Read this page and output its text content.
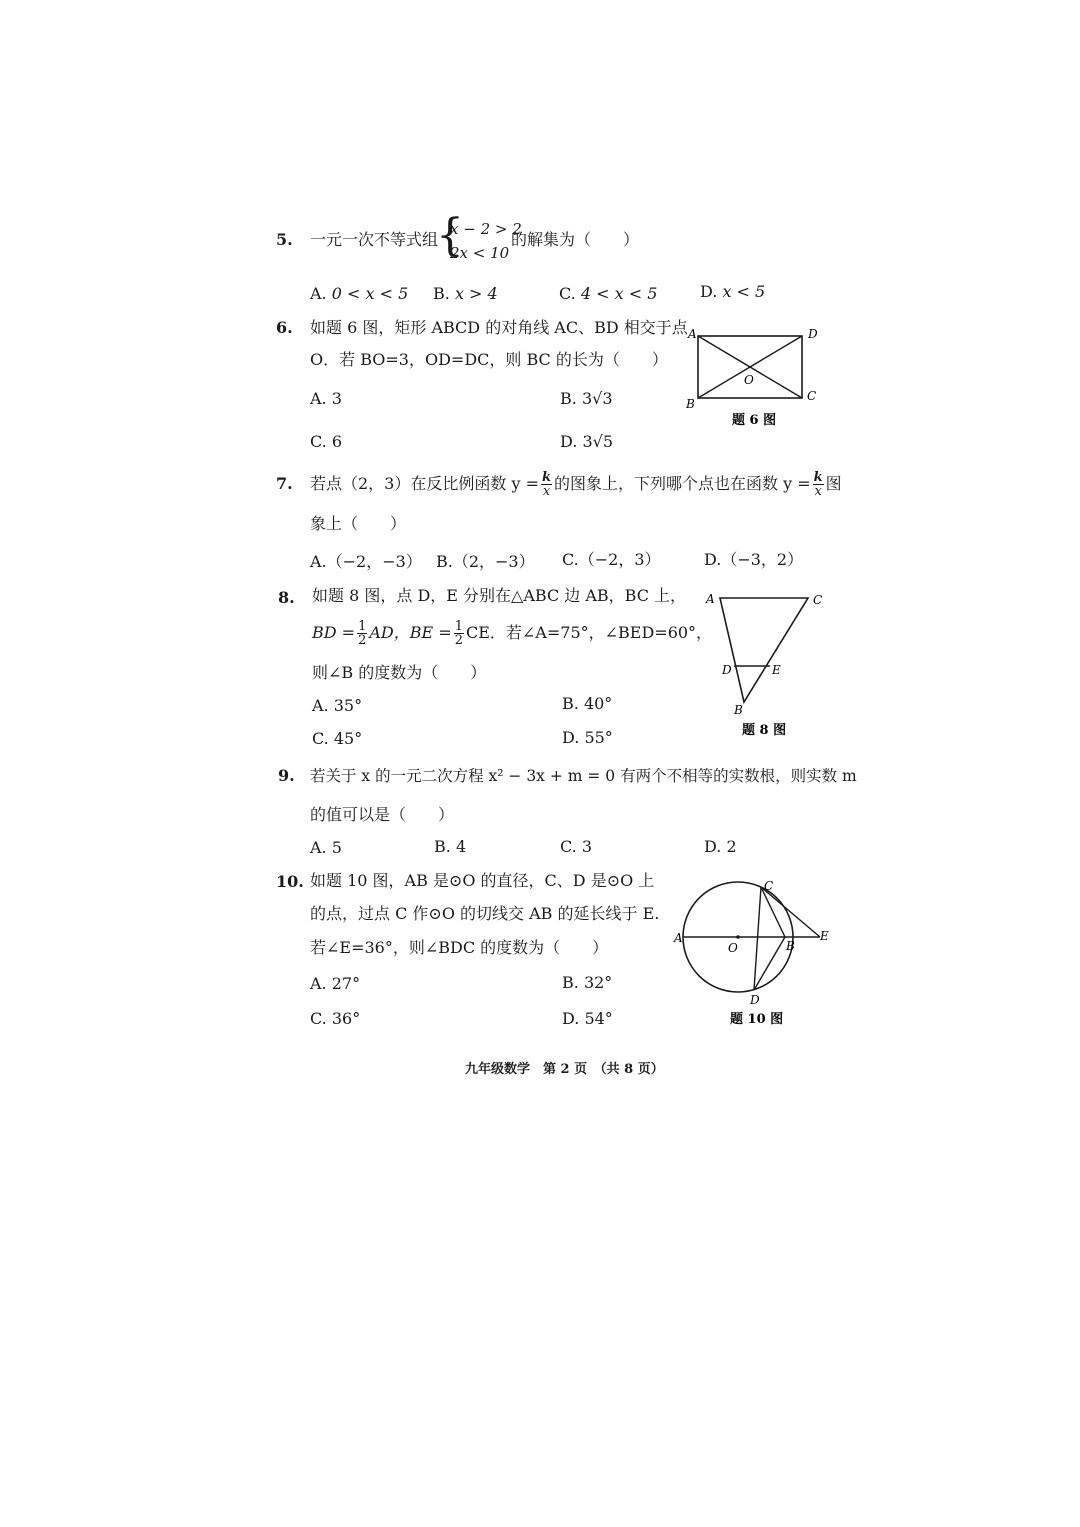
5. 一元一次不等式组
{
x − 2 > 2
2x < 10
的解集为（　　）
A. 0 < x < 5 B. x > 4	C. 4 < x < 5	D. x < 5
6. 如题 6 图，矩形 ABCD 的对角线 AC、BD 相交于点
O．若 BO=3，OD=DC，则 BC 的长为（　　）
A. 3	B. 3√3
C. 6	D. 3√5
A	D
B
C
O
题 6 图
7. 若点（2，3）在反比例函数 $y = \frac{k}{x}$ 的图象上，下列哪个点也在函数 $y = \frac{k}{x}$ 图
象上（　　）
A.（−2，−3） B.（2，−3） C.（−2，3）	D.（−3，2）
8. 如题 8 图，点 D，E 分别在△ABC 边 AB，BC 上，
BD = $\frac{1}{2}$ AD，BE = $\frac{1}{2}$ CE．若∠A=75°，∠BED=60°，
则∠B 的度数为（　　）
A. 35°	B. 40°
C. 45°	D. 55°
A	C
D	E
B
题 8 图
9. 若关于 x 的一元二次方程 x² − 3x + m = 0 有两个不相等的实数根，则实数 m
的值可以是（　　）
A. 5	B. 4	C. 3	D. 2
10. 如题 10 图，AB 是⊙O 的直径，C、D 是⊙O 上
的点，过点 C 作⊙O 的切线交 AB 的延长线于 E.
若∠E=36°，则∠BDC 的度数为（　　）
A. 27°	B. 32°
C. 36°	D. 54°
A
O	B
E
C
D
题 10 图
九年级数学　第 2 页　（共 8 页）
